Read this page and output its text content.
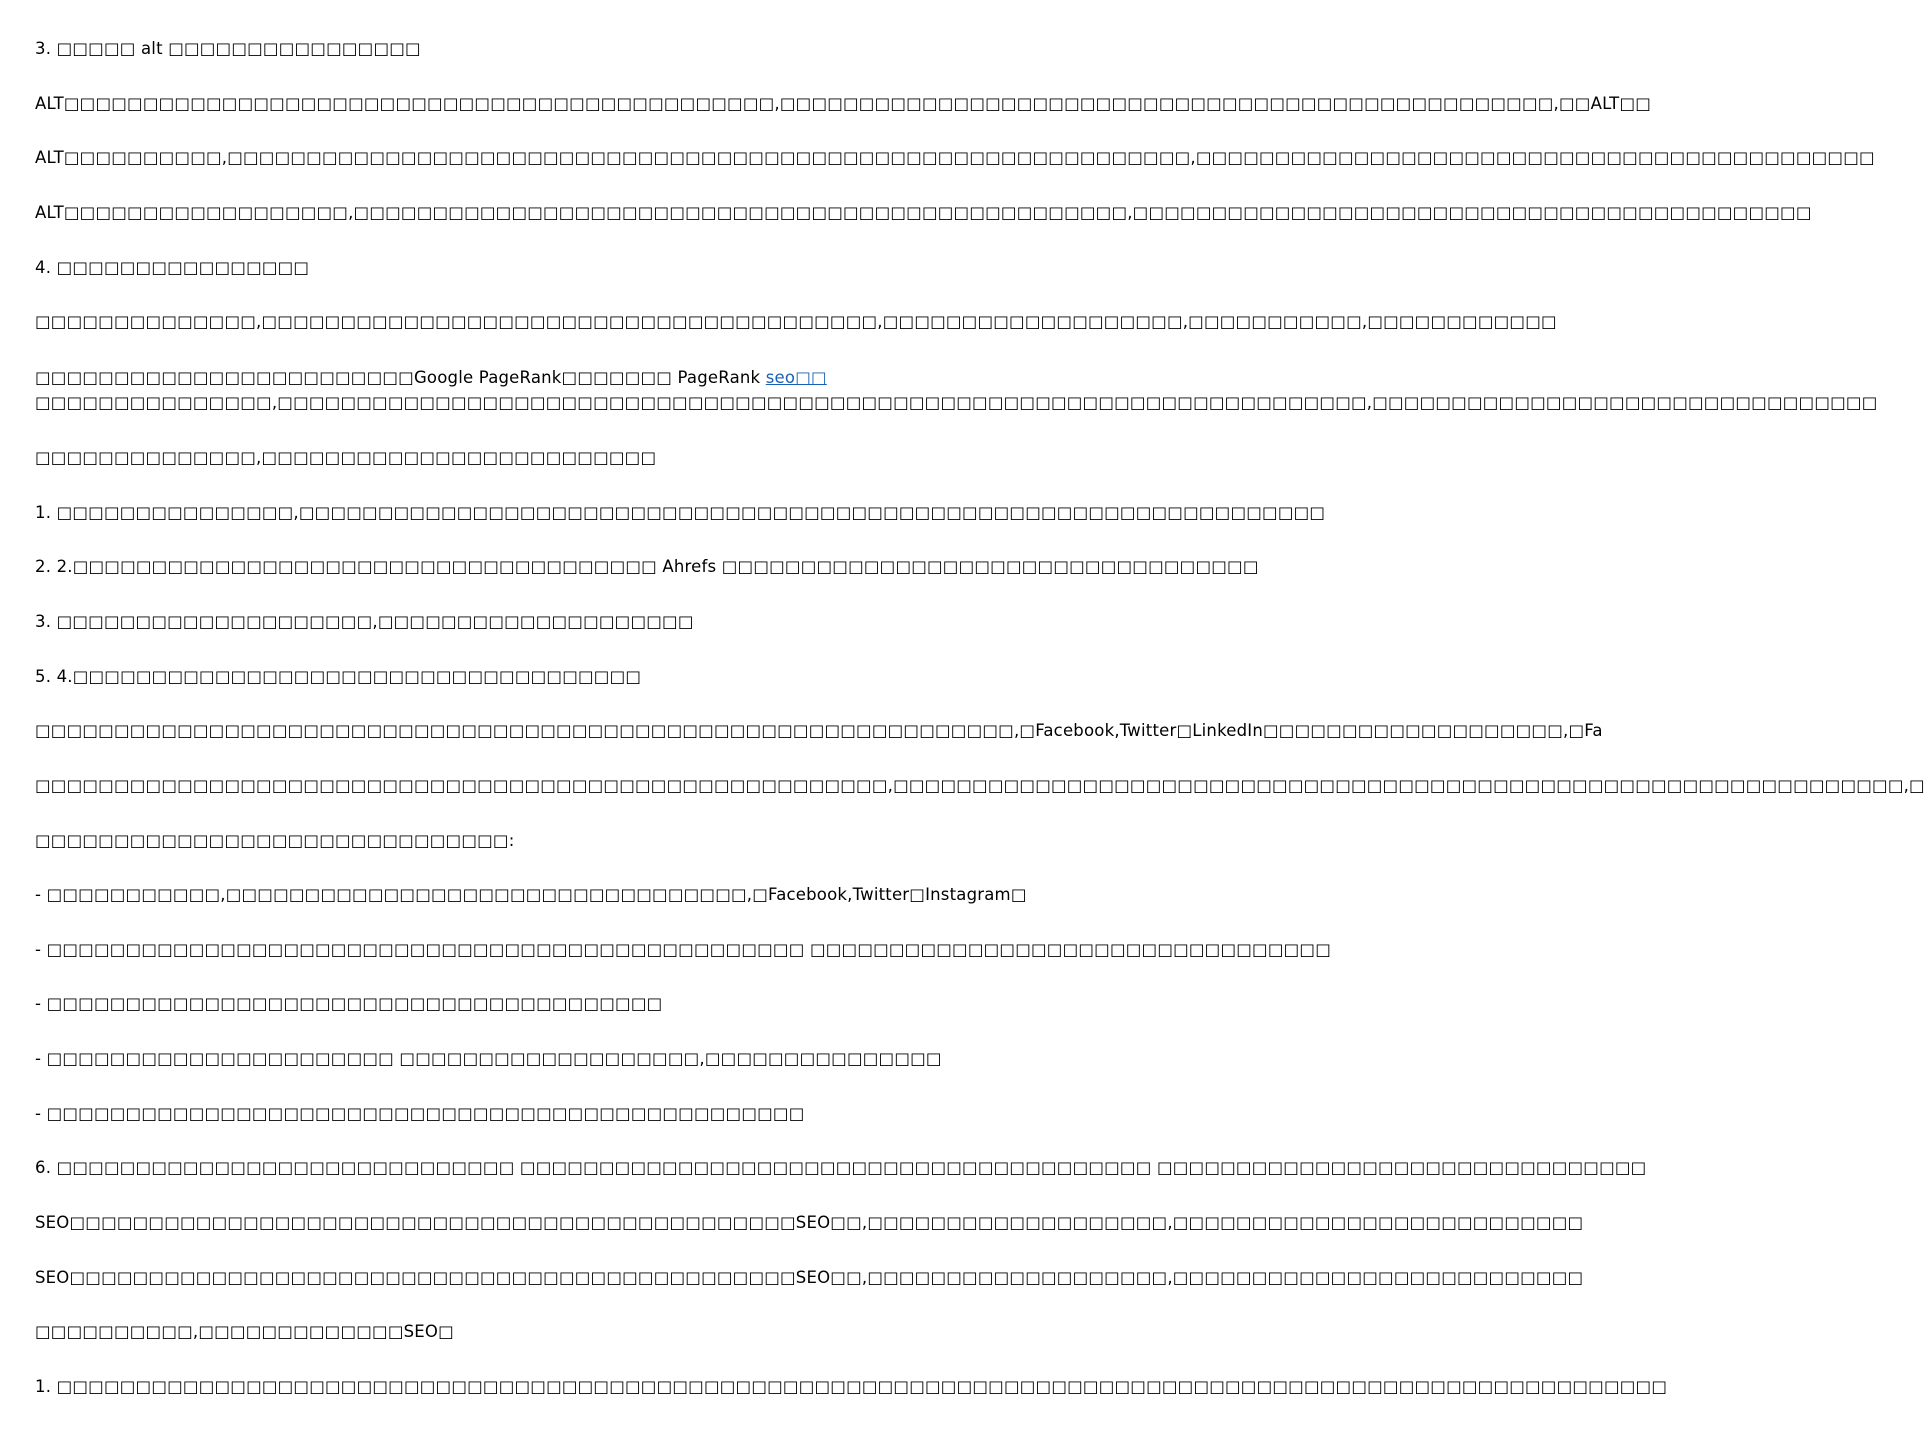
3. □□□□□ alt □□□□□□□□□□□□□□□□
ALT□□□□□□□□□□□□□□□□□□□□□□□□□□□□□□□□□□□□□□□□□□□□□,□□□□□□□□□□□□□□□□□□□□□□□□□□□□□□□□□□□□□□□□□□□□□□□□□,□□ALT□□
ALT□□□□□□□□□□,□□□□□□□□□□□□□□□□□□□□□□□□□□□□□□□□□□□□□□□□□□□□□□□□□□□□□□□□□□□□□,□□□□□□□□□□□□□□□□□□□□□□□□□□□□□□□□□□□□□□□□□□□
ALT□□□□□□□□□□□□□□□□□□,□□□□□□□□□□□□□□□□□□□□□□□□□□□□□□□□□□□□□□□□□□□□□□□□□,□□□□□□□□□□□□□□□□□□□□□□□□□□□□□□□□□□□□□□□□□□□
4. □□□□□□□□□□□□□□□□
□□□□□□□□□□□□□□,□□□□□□□□□□□□□□□□□□□□□□□□□□□□□□□□□□□□□□□,□□□□□□□□□□□□□□□□□□□,□□□□□□□□□□□,□□□□□□□□□□□□
□□□□□□□□□□□□□□□□□□□□□□□□Google PageRank□□□□□□□ PageRank seo□□
□□□□□□□□□□□□□□□,□□□□□□□□□□□□□□□□□□□□□□□□□□□□□□□□□□□□□□□□□□□□□□□□□□□□□□□□□□□□□□□□□□□□□,□□□□□□□□□□□□□□□□□□□□□□□□□□□□□□□□
□□□□□□□□□□□□□□,□□□□□□□□□□□□□□□□□□□□□□□□□
1. □□□□□□□□□□□□□□□,□□□□□□□□□□□□□□□□□□□□□□□□□□□□□□□□□□□□□□□□□□□□□□□□□□□□□□□□□□□□□□□□□
2. 2.□□□□□□□□□□□□□□□□□□□□□□□□□□□□□□□□□□□□□ Ahrefs □□□□□□□□□□□□□□□□□□□□□□□□□□□□□□□□□□
3. □□□□□□□□□□□□□□□□□□□□,□□□□□□□□□□□□□□□□□□□□
5. 4.□□□□□□□□□□□□□□□□□□□□□□□□□□□□□□□□□□□□
□□□□□□□□□□□□□□□□□□□□□□□□□□□□□□□□□□□□□□□□□□□□□□□□□□□□□□□□□□□□□□,□Facebook,Twitter□LinkedIn□□□□□□□□□□□□□□□□□□□,□Fa
□□□□□□□□□□□□□□□□□□□□□□□□□□□□□□□□□□□□□□□□□□□□□□□□□□□□□□,□□□□□□□□□□□□□□□□□□□□□□□□□□□□□□□□□□□□□□□□□□□□□□□□□□□□□□□□□□□□□□□□,□
□□□□□□□□□□□□□□□□□□□□□□□□□□□□□□:
- □□□□□□□□□□□,□□□□□□□□□□□□□□□□□□□□□□□□□□□□□□□□□,□Facebook,Twitter□Instagram□
- □□□□□□□□□□□□□□□□□□□□□□□□□□□□□□□□□□□□□□□□□□□□□□□□ □□□□□□□□□□□□□□□□□□□□□□□□□□□□□□□□□
- □□□□□□□□□□□□□□□□□□□□□□□□□□□□□□□□□□□□□□□
- □□□□□□□□□□□□□□□□□□□□□□ □□□□□□□□□□□□□□□□□□□,□□□□□□□□□□□□□□□
- □□□□□□□□□□□□□□□□□□□□□□□□□□□□□□□□□□□□□□□□□□□□□□□□
6. □□□□□□□□□□□□□□□□□□□□□□□□□□□□□ □□□□□□□□□□□□□□□□□□□□□□□□□□□□□□□□□□□□□□□□ □□□□□□□□□□□□□□□□□□□□□□□□□□□□□□□
SEO□□□□□□□□□□□□□□□□□□□□□□□□□□□□□□□□□□□□□□□□□□□□□□SEO□□,□□□□□□□□□□□□□□□□□□□,□□□□□□□□□□□□□□□□□□□□□□□□□□
SEO□□□□□□□□□□□□□□□□□□□□□□□□□□□□□□□□□□□□□□□□□□□□□□SEO□□,□□□□□□□□□□□□□□□□□□□,□□□□□□□□□□□□□□□□□□□□□□□□□□
□□□□□□□□□□,□□□□□□□□□□□□□SEO□
1. □□□□□□□□□□□□□□□□□□□□□□□□□□□□□□□□□□□□□□□□□□□□□□□□□□□□□□□□□□□□□□□□□□□□□□□□□□□□□□□□□□□□□□□□□□□□□□□□□□□□□□
